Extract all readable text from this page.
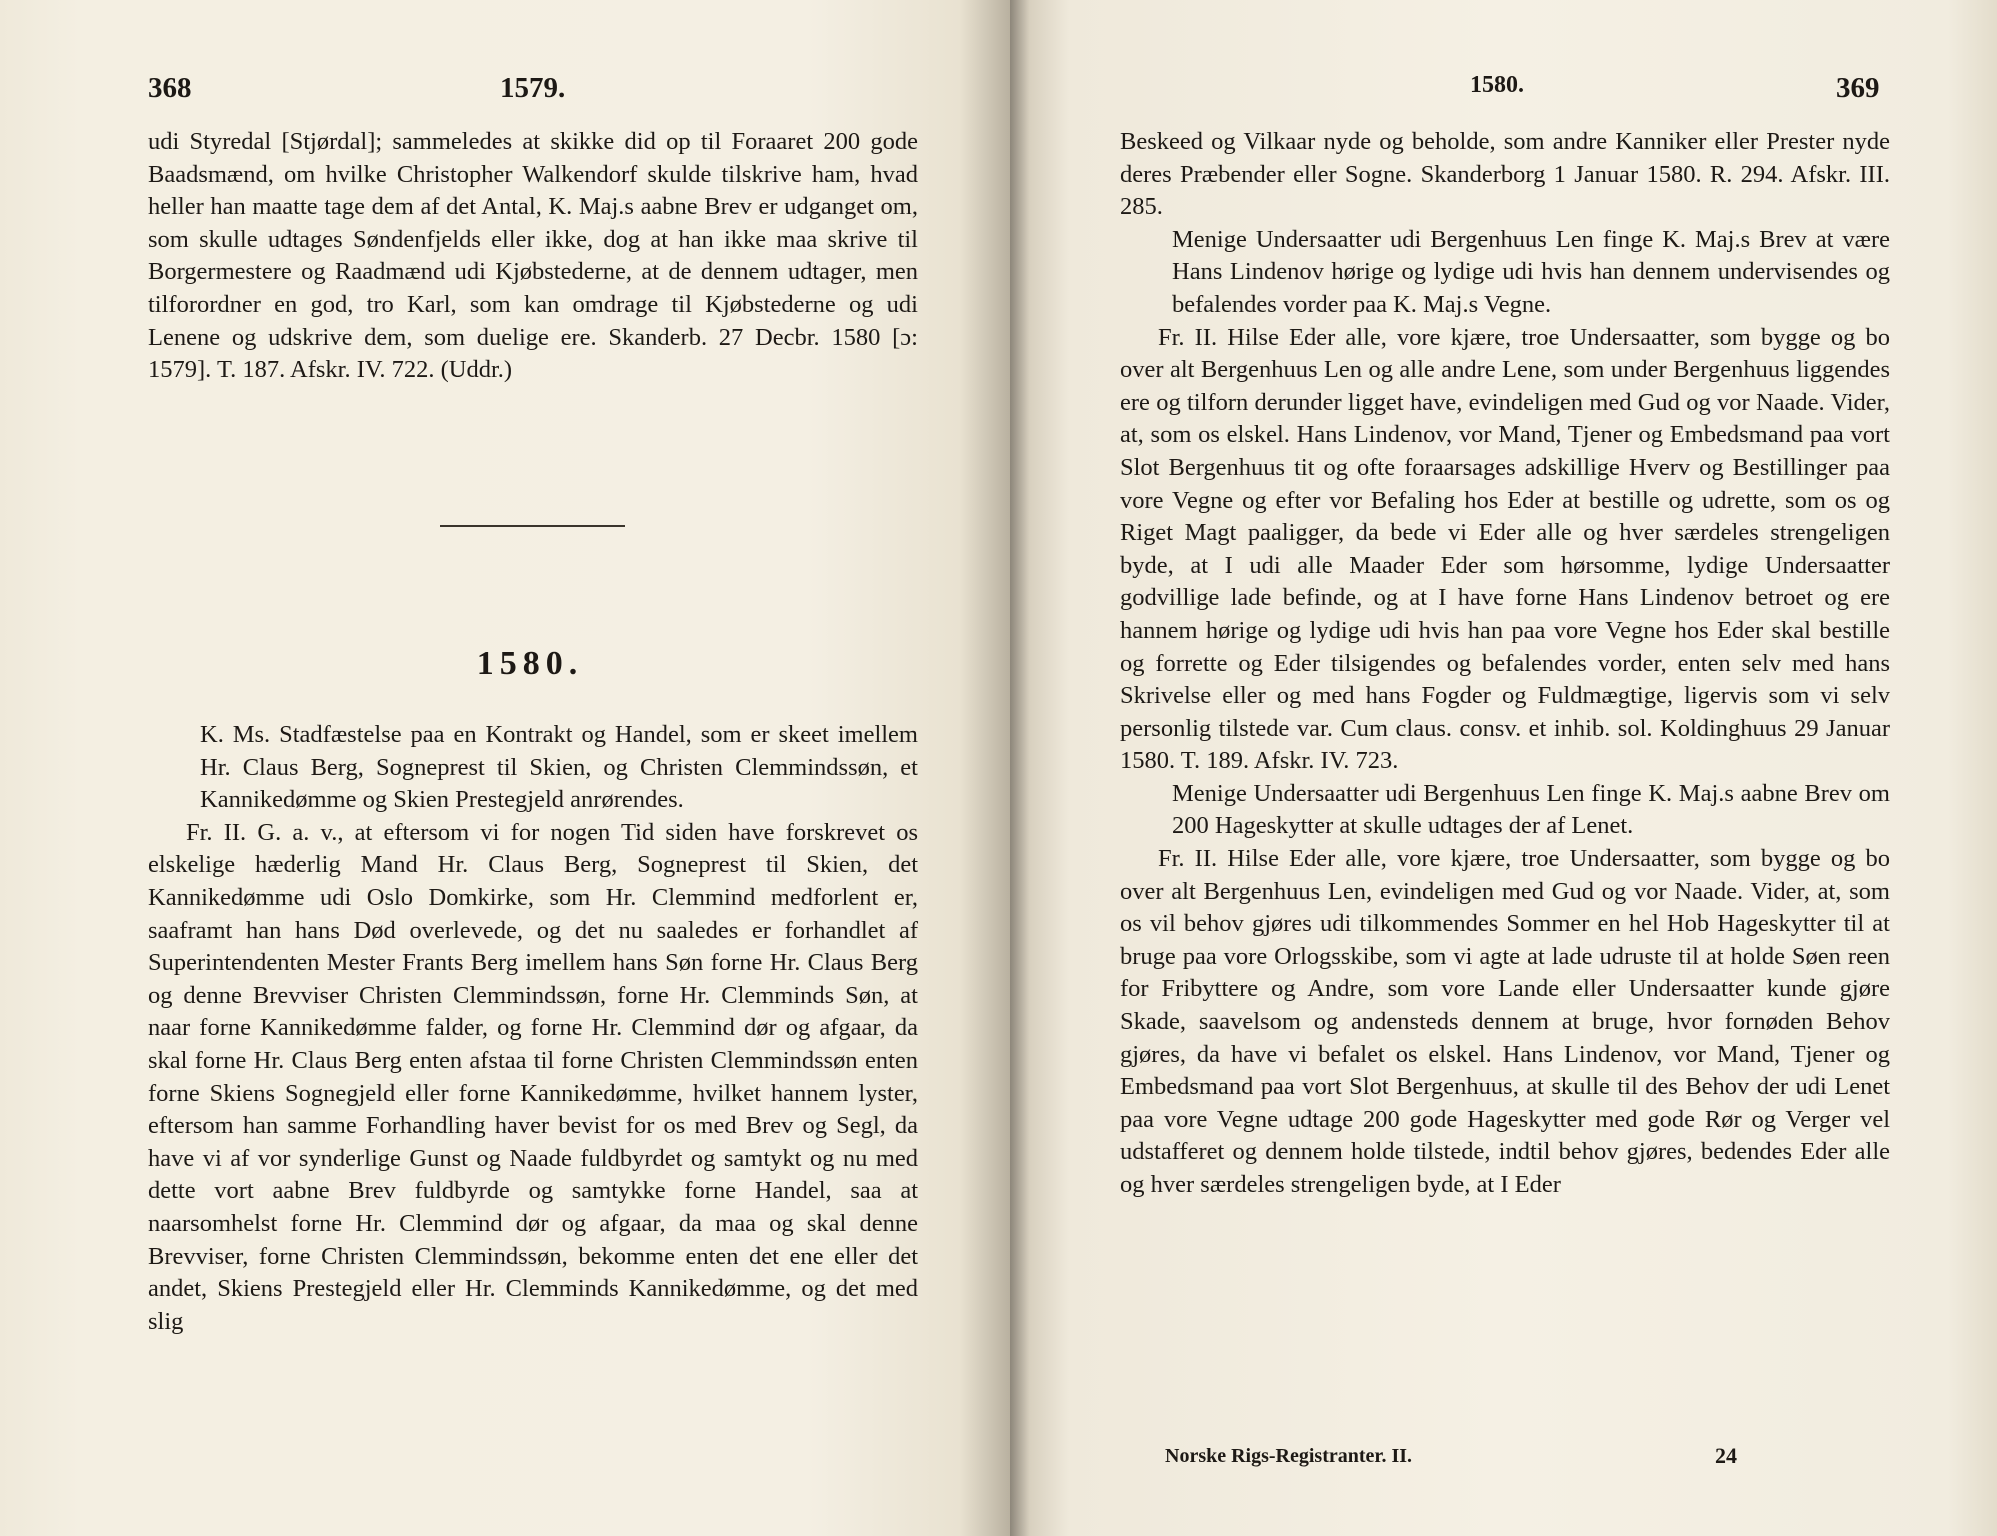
368	1579.

udi Styredal [Stjørdal]; sammeledes at skikke did op til Foraaret 200 gode Baadsmænd, om hvilke Christopher Walkendorf skulde tilskrive ham, hvad heller han maatte tage dem af det Antal, K. Maj.s aabne Brev er udganget om, som skulle udtages Søndenfjelds eller ikke, dog at han ikke maa skrive til Borgermestere og Raadmænd udi Kjøbstederne, at de dennem udtager, men tilforordner en god, tro Karl, som kan omdrage til Kjøbstederne og udi Lenene og udskrive dem, som duelige ere. Skanderb. 27 Decbr. 1580 [ɔ: 1579]. T. 187. Afskr. IV. 722. (Uddr.)

1580.

K. Ms. Stadfæstelse paa en Kontrakt og Handel, som er skeet imellem Hr. Claus Berg, Sogneprest til Skien, og Christen Clemmindssøn, et Kannikedømme og Skien Prestegjeld anrørendes.

Fr. II. G. a. v., at eftersom vi for nogen Tid siden have forskrevet os elskelige hæderlig Mand Hr. Claus Berg, Sogneprest til Skien, det Kannikedømme udi Oslo Domkirke, som Hr. Clemmind medforlent er, saaframt han hans Død overlevede, og det nu saaledes er forhandlet af Superintendenten Mester Frants Berg imellem hans Søn forne Hr. Claus Berg og denne Brevviser Christen Clemmindssøn, forne Hr. Clemminds Søn, at naar forne Kannikedømme falder, og forne Hr. Clemmind dør og afgaar, da skal forne Hr. Claus Berg enten afstaa til forne Christen Clemmindssøn enten forne Skiens Sognegjeld eller forne Kannikedømme, hvilket hannem lyster, eftersom han samme Forhandling haver bevist for os med Brev og Segl, da have vi af vor synderlige Gunst og Naade fuldbyrdet og samtykt og nu med dette vort aabne Brev fuldbyrde og samtykke forne Handel, saa at naarsomhelst forne Hr. Clemmind dør og afgaar, da maa og skal denne Brevviser, forne Christen Clemmindssøn, bekomme enten det ene eller det andet, Skiens Prestegjeld eller Hr. Clemminds Kannikedømme, og det med slig

1580.	369

Beskeed og Vilkaar nyde og beholde, som andre Kanniker eller Prester nyde deres Præbender eller Sogne. Skanderborg 1 Januar 1580. R. 294. Afskr. III. 285.

Menige Undersaatter udi Bergenhuus Len finge K. Maj.s Brev at være Hans Lindenov hørige og lydige udi hvis han dennem undervisendes og befalendes vorder paa K. Maj.s Vegne.

Fr. II. Hilse Eder alle, vore kjære, troe Undersaatter, som bygge og bo over alt Bergenhuus Len og alle andre Lene, som under Bergenhuus liggendes ere og tilforn derunder ligget have, evindeligen med Gud og vor Naade. Vider, at, som os elskel. Hans Lindenov, vor Mand, Tjener og Embedsmand paa vort Slot Bergenhuus tit og ofte foraarsages adskillige Hverv og Bestillinger paa vore Vegne og efter vor Befaling hos Eder at bestille og udrette, som os og Riget Magt paaligger, da bede vi Eder alle og hver særdeles strengeligen byde, at I udi alle Maader Eder som hørsomme, lydige Undersaatter godvillige lade befinde, og at I have forne Hans Lindenov betroet og ere hannem hørige og lydige udi hvis han paa vore Vegne hos Eder skal bestille og forrette og Eder tilsigendes og befalendes vorder, enten selv med hans Skrivelse eller og med hans Fogder og Fuldmægtige, ligervis som vi selv personlig tilstede var. Cum claus. consv. et inhib. sol. Koldinghuus 29 Januar 1580. T. 189. Afskr. IV. 723.

Menige Undersaatter udi Bergenhuus Len finge K. Maj.s aabne Brev om 200 Hageskytter at skulle udtages der af Lenet.

Fr. II. Hilse Eder alle, vore kjære, troe Undersaatter, som bygge og bo over alt Bergenhuus Len, evindeligen med Gud og vor Naade. Vider, at, som os vil behov gjøres udi tilkommendes Sommer en hel Hob Hageskytter til at bruge paa vore Orlogsskibe, som vi agte at lade udruste til at holde Søen reen for Fribyttere og Andre, som vore Lande eller Undersaatter kunde gjøre Skade, saavelsom og andensteds dennem at bruge, hvor fornøden Behov gjøres, da have vi befalet os elskel. Hans Lindenov, vor Mand, Tjener og Embedsmand paa vort Slot Bergenhuus, at skulle til des Behov der udi Lenet paa vore Vegne udtage 200 gode Hageskytter med gode Rør og Verger vel udstafferet og dennem holde tilstede, indtil behov gjøres, bedendes Eder alle og hver særdeles strengeligen byde, at I Eder

Norske Rigs-Registranter. II.	24
